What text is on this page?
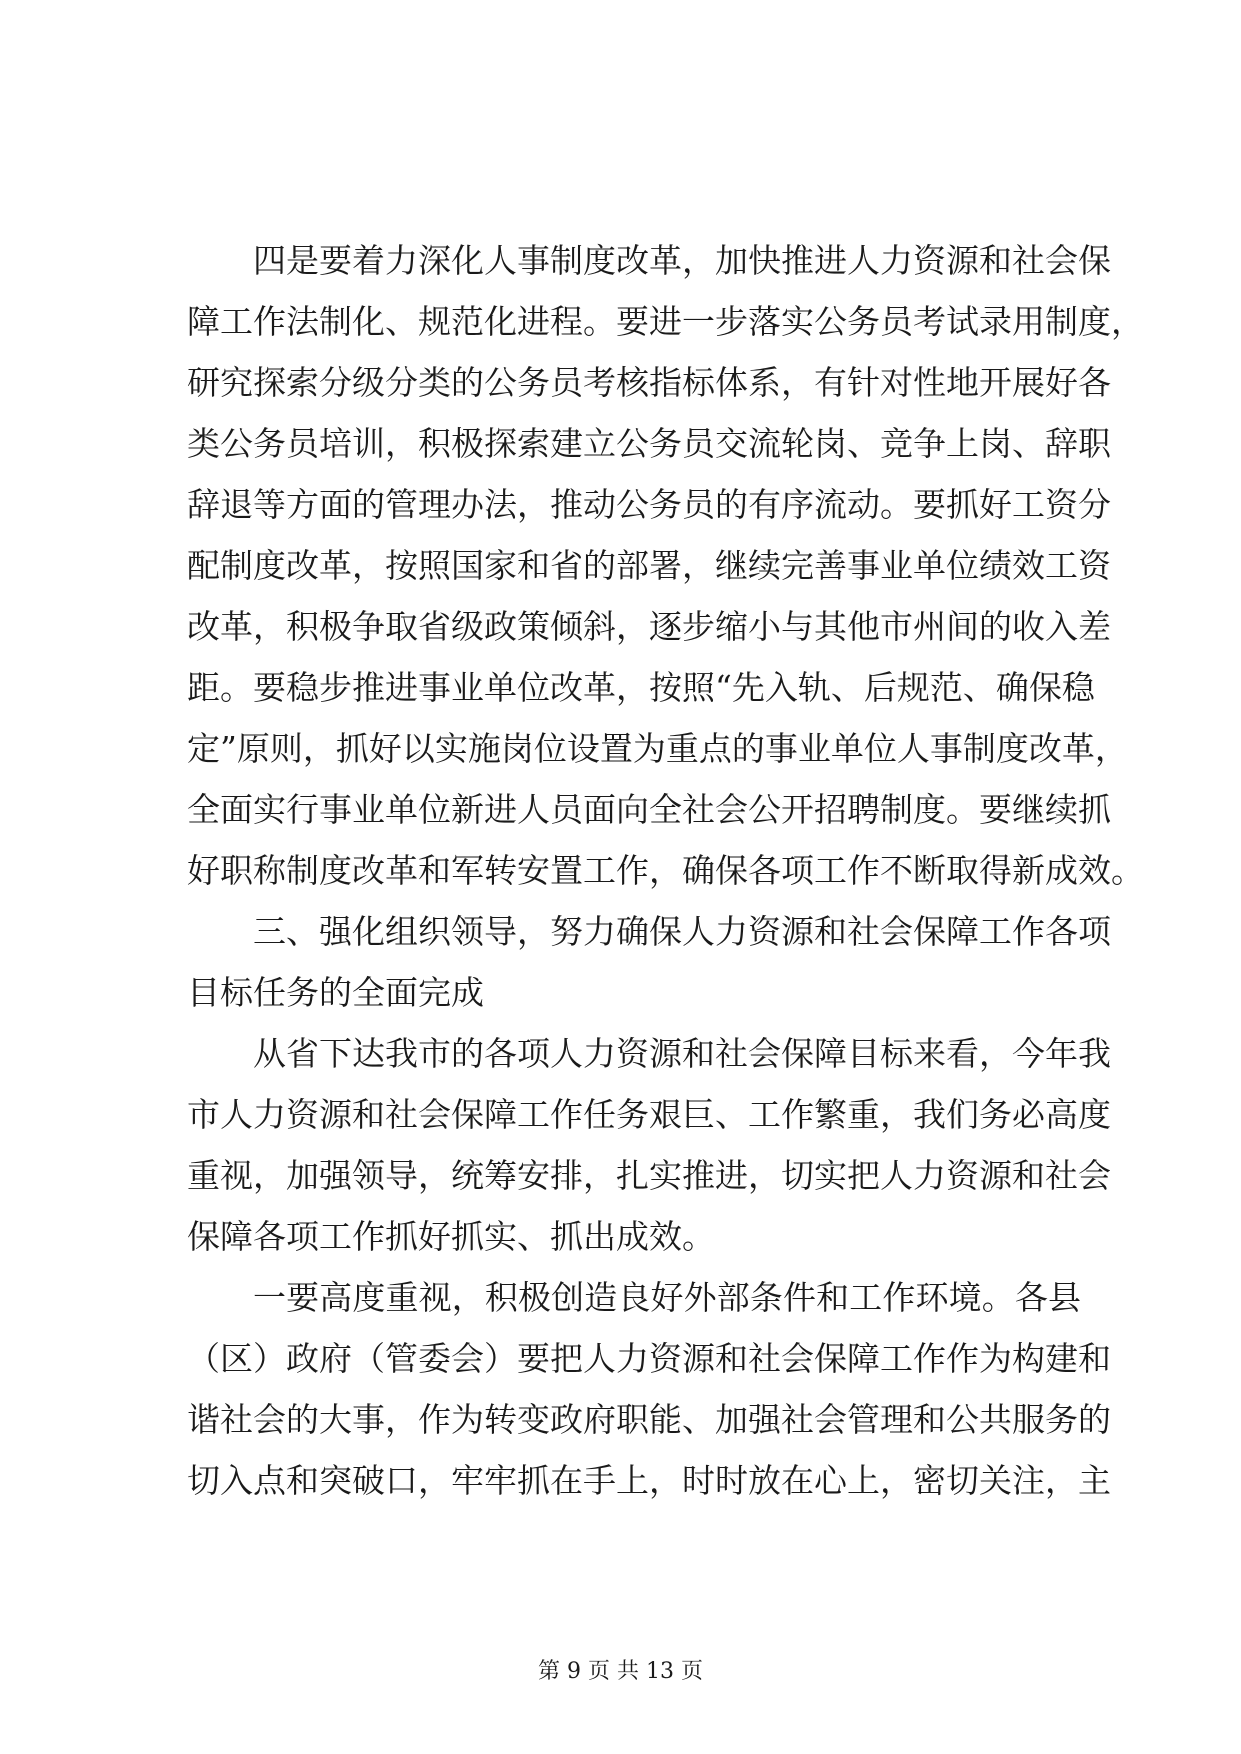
四是要着力深化人事制度改革，加快推进人力资源和社会保
障工作法制化、规范化进程。要进一步落实公务员考试录用制度，
研究探索分级分类的公务员考核指标体系，有针对性地开展好各
类公务员培训，积极探索建立公务员交流轮岗、竞争上岗、辞职
辞退等方面的管理办法，推动公务员的有序流动。要抓好工资分
配制度改革，按照国家和省的部署，继续完善事业单位绩效工资
改革，积极争取省级政策倾斜，逐步缩小与其他市州间的收入差
距。要稳步推进事业单位改革，按照“先入轨、后规范、确保稳
定”原则，抓好以实施岗位设置为重点的事业单位人事制度改革，
全面实行事业单位新进人员面向全社会公开招聘制度。要继续抓
好职称制度改革和军转安置工作，确保各项工作不断取得新成效。
三、强化组织领导，努力确保人力资源和社会保障工作各项
目标任务的全面完成
从省下达我市的各项人力资源和社会保障目标来看，今年我
市人力资源和社会保障工作任务艰巨、工作繁重，我们务必高度
重视，加强领导，统筹安排，扎实推进，切实把人力资源和社会
保障各项工作抓好抓实、抓出成效。
一要高度重视，积极创造良好外部条件和工作环境。各县
（区）政府（管委会）要把人力资源和社会保障工作作为构建和
谐社会的大事，作为转变政府职能、加强社会管理和公共服务的
切入点和突破口，牢牢抓在手上，时时放在心上，密切关注，主
第 9 页 共 13 页
